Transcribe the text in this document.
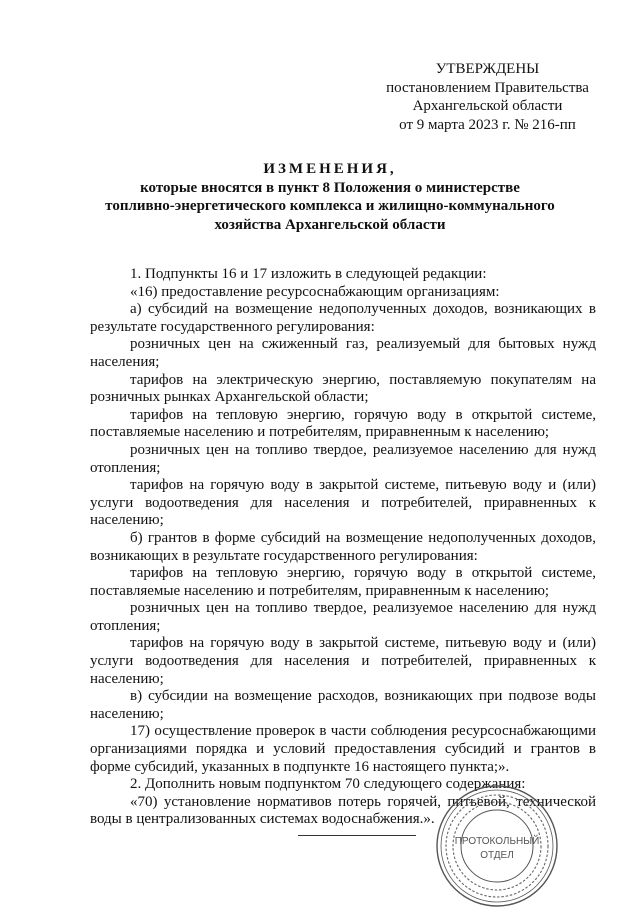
УТВЕРЖДЕНЫ
постановлением Правительства
Архангельской области
от 9 марта 2023 г. № 216-пп
ИЗМЕНЕНИЯ,
которые вносятся в пункт 8 Положения о министерстве
топливно-энергетического комплекса и жилищно-коммунального
хозяйства Архангельской области

1. Подпункты 16 и 17 изложить в следующей редакции:

«16) предоставление ресурсоснабжающим организациям:

а) субсидий на возмещение недополученных доходов, возникающих в результате государственного регулирования:

розничных цен на сжиженный газ, реализуемый для бытовых нужд населения;

тарифов на электрическую энергию, поставляемую покупателям на розничных рынках Архангельской области;

тарифов на тепловую энергию, горячую воду в открытой системе, поставляемые населению и потребителям, приравненным к населению;

розничных цен на топливо твердое, реализуемое населению для нужд отопления;

тарифов на горячую воду в закрытой системе, питьевую воду и (или) услуги водоотведения для населения и потребителей, приравненных к населению;

б) грантов в форме субсидий на возмещение недополученных доходов, возникающих в результате государственного регулирования:

тарифов на тепловую энергию, горячую воду в открытой системе, поставляемые населению и потребителям, приравненным к населению;

розничных цен на топливо твердое, реализуемое населению для нужд отопления;

тарифов на горячую воду в закрытой системе, питьевую воду и (или) услуги водоотведения для населения и потребителей, приравненных к населению;

в) субсидии на возмещение расходов, возникающих при подвозе воды населению;

17) осуществление проверок в части соблюдения ресурсоснабжающими организациями порядка и условий предоставления субсидий и грантов в форме субсидий, указанных в подпункте 16 настоящего пункта;».

2. Дополнить новым подпунктом 70 следующего содержания:

«70) установление нормативов потерь горячей, питьевой, технической воды в централизованных системах водоснабжения.».

ПРОТОКОЛЬНЫЙ
ОТДЕЛ
